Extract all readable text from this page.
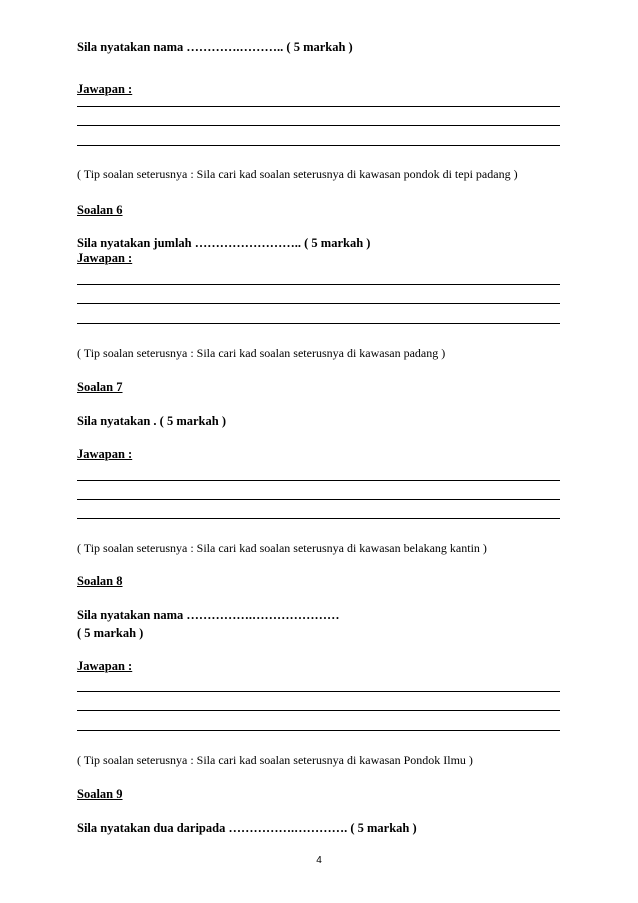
Sila nyatakan nama ………….……….. ( 5 markah )
Jawapan :
( Tip soalan seterusnya : Sila cari kad soalan seterusnya di kawasan pondok di tepi padang )
Soalan 6
Sila nyatakan jumlah …………………….. ( 5 markah )
Jawapan :
( Tip soalan seterusnya : Sila cari kad soalan seterusnya di kawasan padang )
Soalan 7
Sila nyatakan . ( 5 markah )
Jawapan :
( Tip soalan seterusnya : Sila cari kad soalan seterusnya di kawasan belakang kantin )
Soalan 8
Sila nyatakan nama …………….…………………
( 5 markah )
Jawapan :
( Tip soalan seterusnya : Sila cari kad soalan seterusnya di kawasan Pondok Ilmu )
Soalan 9
Sila nyatakan dua daripada …………….…………. ( 5 markah )
4
